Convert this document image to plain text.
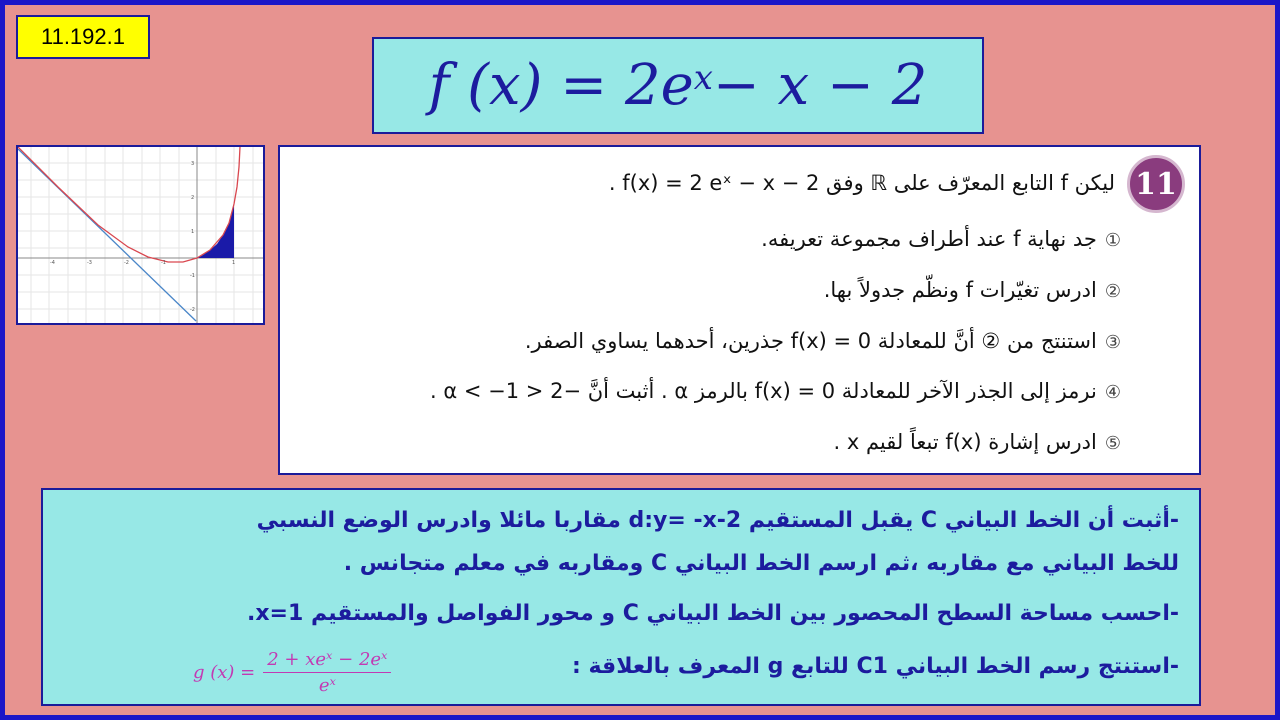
11.192.1
f $(x) = 2e^x - x - 2$
-4	-3	-2	-1	1
3
2
1
-1
-2
11
ليكن f التابع المعرّف على ℝ وفق f(x) = 2 eˣ − x − 2 .
①جد نهاية f عند أطراف مجموعة تعريفه.
②ادرس تغيّرات f ونظّم جدولاً بها.
③استنتج من ② أنَّ للمعادلة f(x) = 0 جذرين، أحدهما يساوي الصفر.
④نرمز إلى الجذر الآخر للمعادلة f(x) = 0 بالرمز α . أثبت أنَّ −2 < α < −1 .
⑤ادرس إشارة f(x) تبعاً لقيم x .
-أثبت أن الخط البياني C يقبل المستقيم d:y= -x-2 مقاربا مائلا وادرس الوضع النسبي
للخط البياني مع مقاربه ،ثم ارسم الخط البياني C ومقاربه في معلم متجانس .
-احسب مساحة السطح المحصور بين الخط البياني C و محور الفواصل والمستقيم x=1.
-استنتج رسم الخط البياني C1 للتابع g المعرف بالعلاقة :
g $(x) = \frac{\text{2 + xeˣ − 2eˣ}}{\text{eˣ}}$
